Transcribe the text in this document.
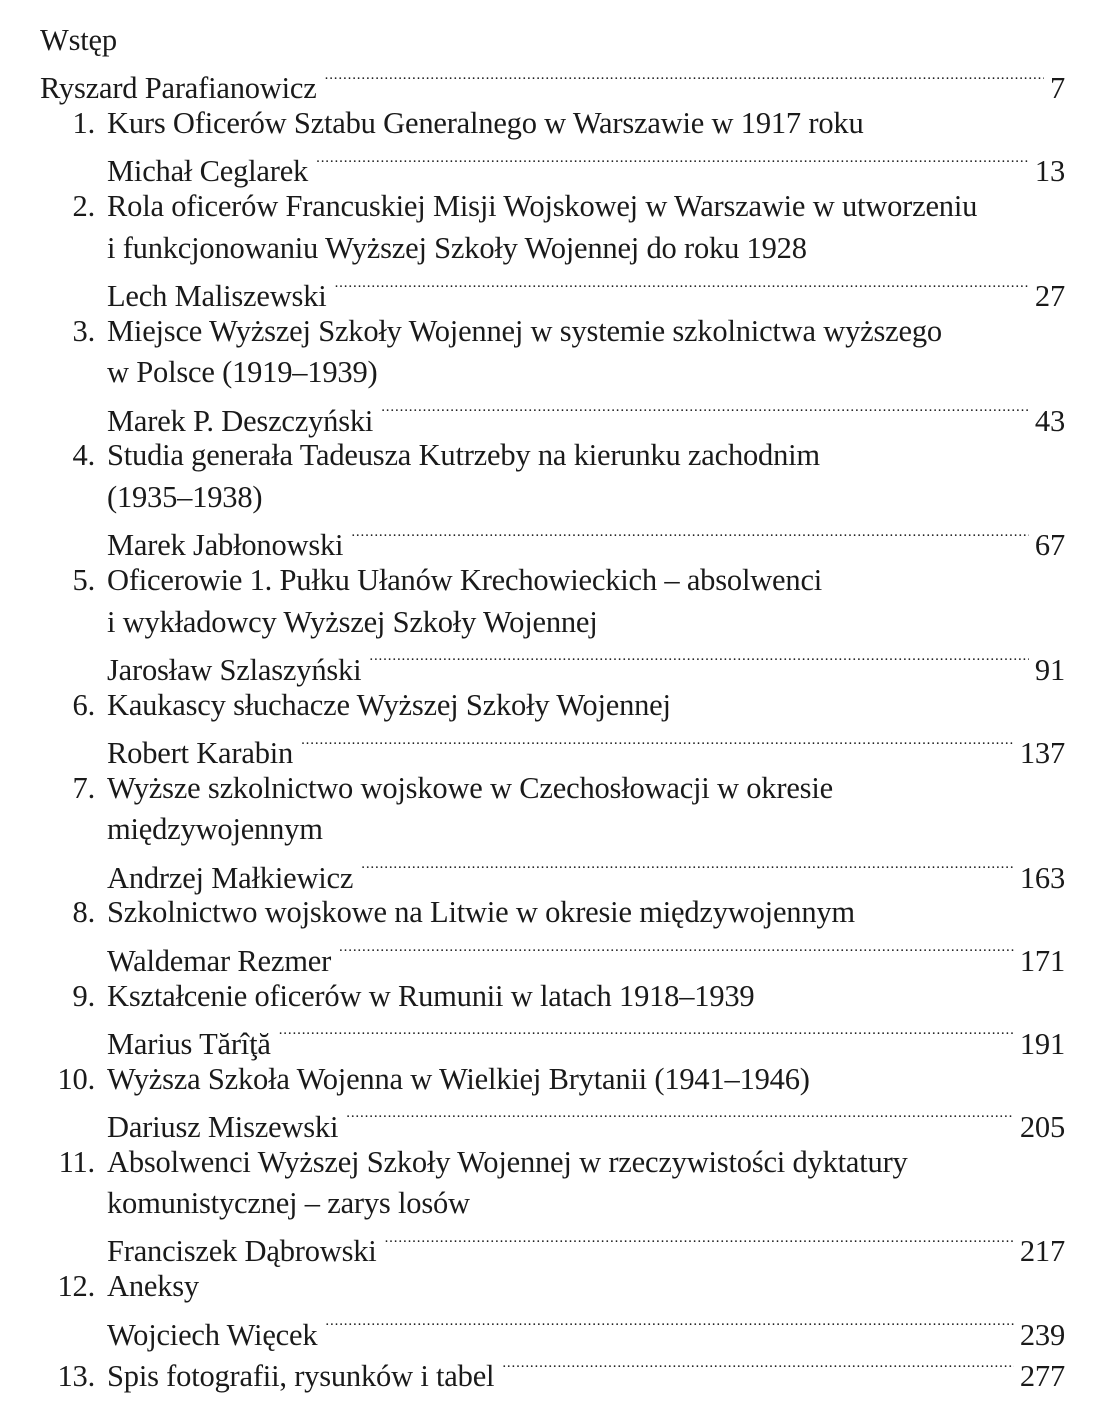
Wstęp
Ryszard Parafianowicz . . .	7
1. Kurs Oficerów Sztabu Generalnego w Warszawie w 1917 roku
Michał Ceglarek . . .	13
2. Rola oficerów Francuskiej Misji Wojskowej w Warszawie w utworzeniu
i funkcjonowaniu Wyższej Szkoły Wojennej do roku 1928
Lech Maliszewski . . .	27
3. Miejsce Wyższej Szkoły Wojennej w systemie szkolnictwa wyższego
w Polsce (1919–1939)
Marek P. Deszczyński . . .	43
4. Studia generała Tadeusza Kutrzeby na kierunku zachodnim
(1935–1938)
Marek Jabłonowski . . .	67
5. Oficerowie 1. Pułku Ułanów Krechowieckich – absolwenci
i wykładowcy Wyższej Szkoły Wojennej
Jarosław Szlaszyński . . .	91
6. Kaukascy słuchacze Wyższej Szkoły Wojennej
Robert Karabin . . .	137
7. Wyższe szkolnictwo wojskowe w Czechosłowacji w okresie
międzywojennym
Andrzej Małkiewicz . . .	163
8. Szkolnictwo wojskowe na Litwie w okresie międzywojennym
Waldemar Rezmer . . .	171
9. Kształcenie oficerów w Rumunii w latach 1918–1939
Marius Tărîţă . . .	191
10. Wyższa Szkoła Wojenna w Wielkiej Brytanii (1941–1946)
Dariusz Miszewski . . .	205
11. Absolwenci Wyższej Szkoły Wojennej w rzeczywistości dyktatury
komunistycznej – zarys losów
Franciszek Dąbrowski . . .	217
12. Aneksy
Wojciech Więcek . . .	239
13. Spis fotografii, rysunków i tabel . . .	277
